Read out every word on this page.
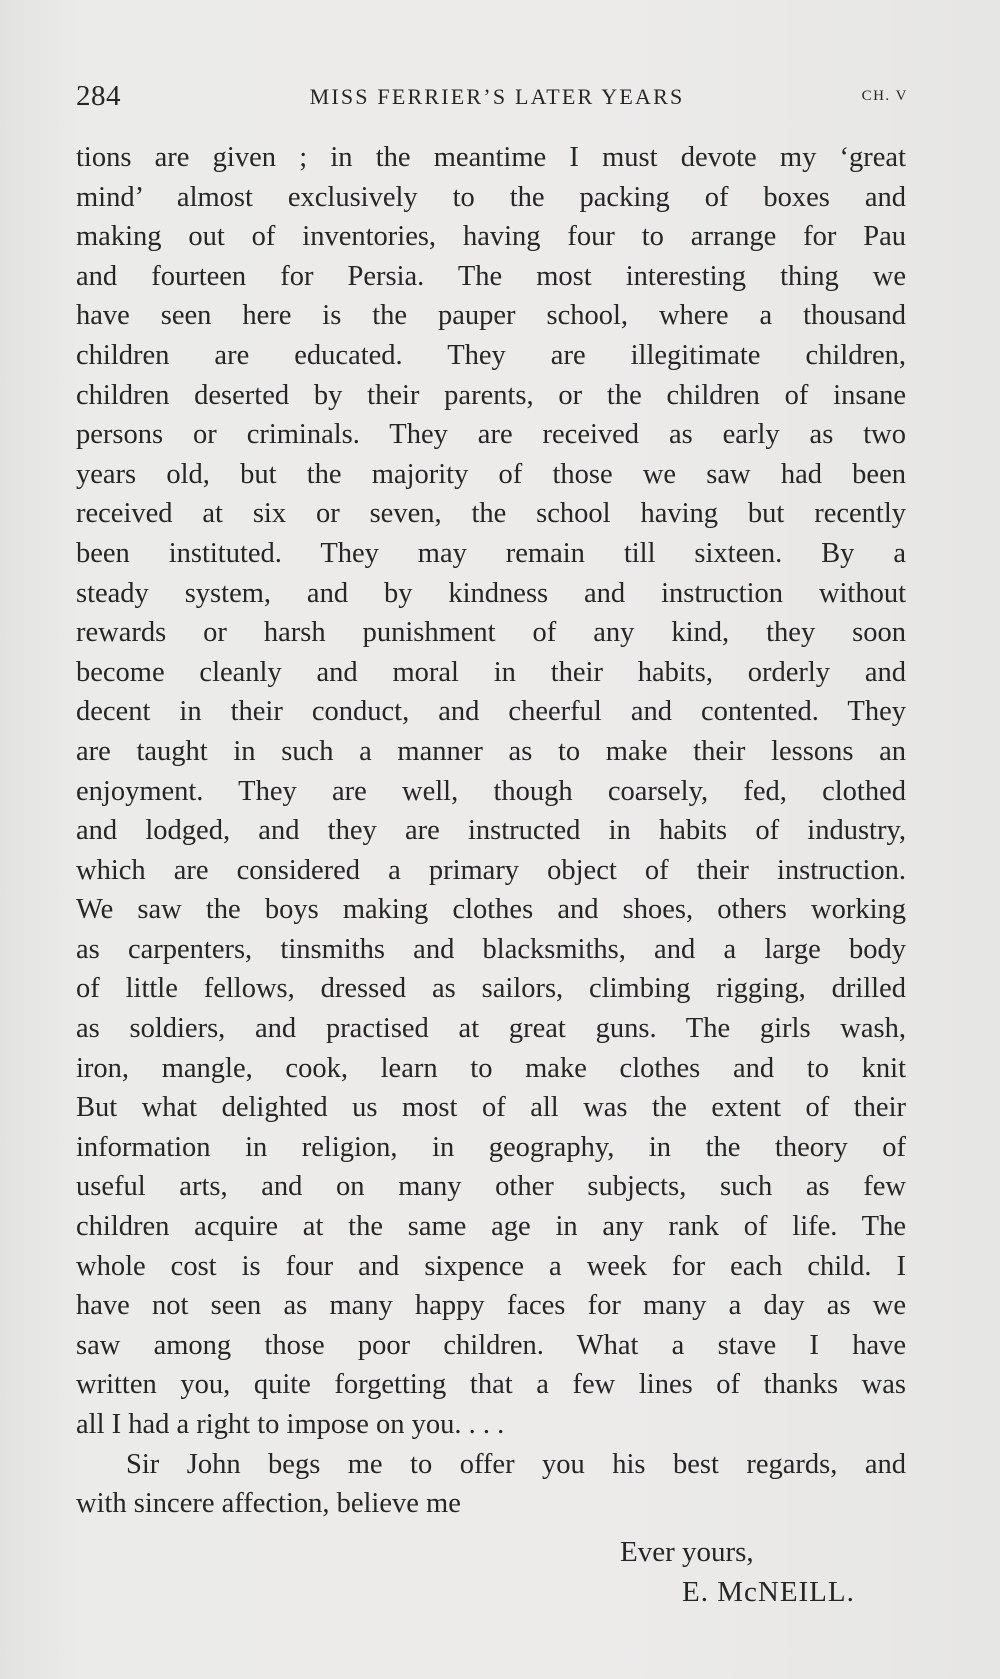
284	MISS FERRIER’S LATER YEARS	CH. V
tions are given ; in the meantime I must devote my ‘great
mind’ almost exclusively to the packing of boxes and
making out of inventories, having four to arrange for Pau
and fourteen for Persia. The most interesting thing we
have seen here is the pauper school, where a thousand
children are educated. They are illegitimate children,
children deserted by their parents, or the children of insane
persons or criminals. They are received as early as two
years old, but the majority of those we saw had been
received at six or seven, the school having but recently
been instituted. They may remain till sixteen. By a
steady system, and by kindness and instruction without
rewards or harsh punishment of any kind, they soon
become cleanly and moral in their habits, orderly and
decent in their conduct, and cheerful and contented. They
are taught in such a manner as to make their lessons an
enjoyment. They are well, though coarsely, fed, clothed
and lodged, and they are instructed in habits of industry,
which are considered a primary object of their instruction.
We saw the boys making clothes and shoes, others working
as carpenters, tinsmiths and blacksmiths, and a large body
of little fellows, dressed as sailors, climbing rigging, drilled
as soldiers, and practised at great guns. The girls wash,
iron, mangle, cook, learn to make clothes and to knit
But what delighted us most of all was the extent of their
information in religion, in geography, in the theory of
useful arts, and on many other subjects, such as few
children acquire at the same age in any rank of life. The
whole cost is four and sixpence a week for each child. I
have not seen as many happy faces for many a day as we
saw among those poor children. What a stave I have
written you, quite forgetting that a few lines of thanks was
all I had a right to impose on you. . . .
Sir John begs me to offer you his best regards, and
with sincere affection, believe me
Ever yours,
E. McNEILL.
